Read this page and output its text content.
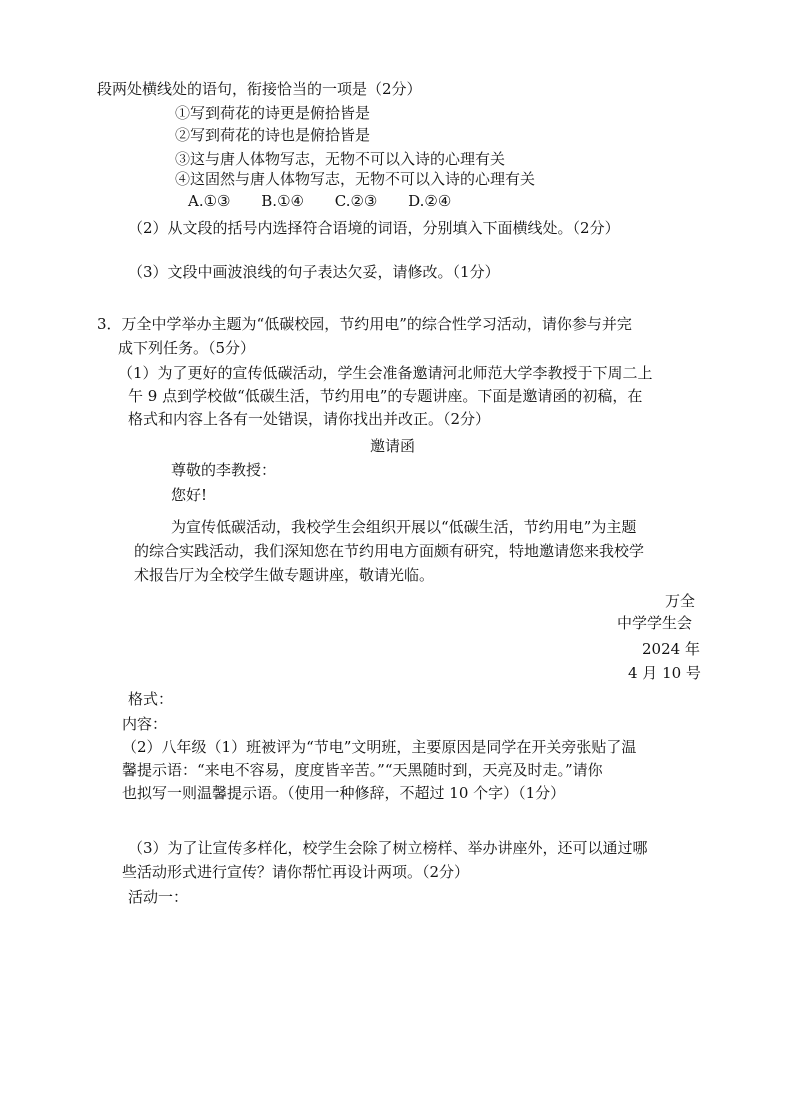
段两处横线处的语句，衔接恰当的一项是（2分）
①写到荷花的诗更是俯拾皆是
②写到荷花的诗也是俯拾皆是
③这与唐人体物写志，无物不可以入诗的心理有关
④这固然与唐人体物写志，无物不可以入诗的心理有关
A.①③ B.①④ C.②③ D.②④
（2）从文段的括号内选择符合语境的词语，分别填入下面横线处。（2分）
（3）文段中画波浪线的句子表达欠妥，请修改。（1分）
3．万全中学举办主题为“低碳校园，节约用电”的综合性学习活动，请你参与并完
成下列任务。（5分）
（1）为了更好的宣传低碳活动，学生会准备邀请河北师范大学李教授于下周二上
午 9 点到学校做“低碳生活，节约用电”的专题讲座。下面是邀请函的初稿，在
格式和内容上各有一处错误，请你找出并改正。（2分）
邀请函
尊敬的李教授：
您好!
为宣传低碳活动，我校学生会组织开展以“低碳生活，节约用电”为主题
的综合实践活动，我们深知您在节约用电方面颇有研究，特地邀请您来我校学
术报告厅为全校学生做专题讲座，敬请光临。
万全
中学学生会
2024 年
4 月 10 号
格式：
内容：
（2）八年级（1）班被评为“节电”文明班，主要原因是同学在开关旁张贴了温
馨提示语：“来电不容易，度度皆辛苦。”“天黑随时到，天亮及时走。”请你
也拟写一则温馨提示语。（使用一种修辞，不超过 10 个字）（1分）
（3）为了让宣传多样化，校学生会除了树立榜样、举办讲座外，还可以通过哪
些活动形式进行宣传？请你帮忙再设计两项。（2分）
活动一：
